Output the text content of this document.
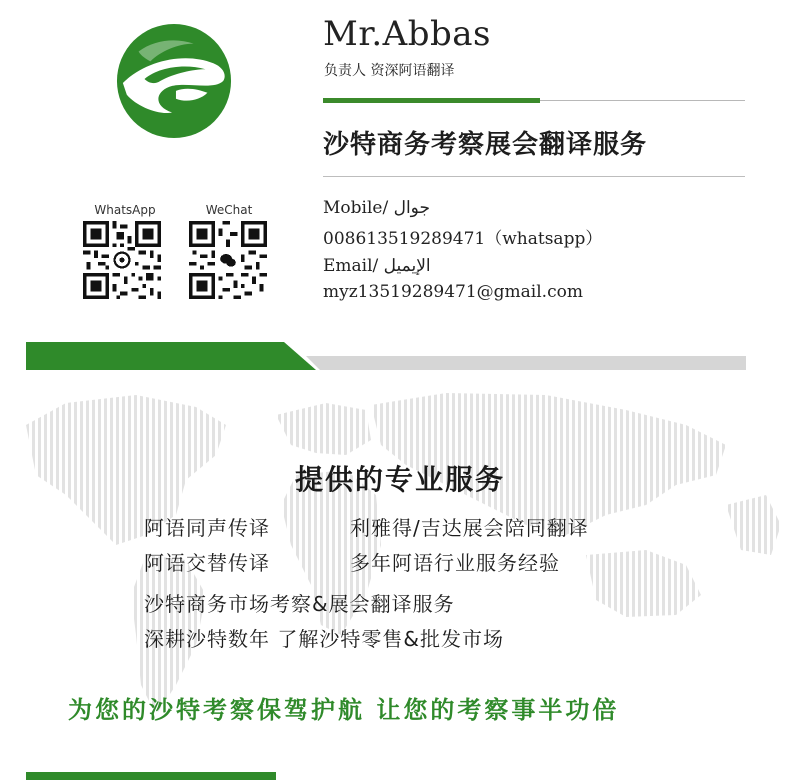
Mr.Abbas
负责人 资深阿语翻译
沙特商务考察展会翻译服务
WhatsApp	WeChat	Mobile/ جوال
008613519289471（whatsapp）
Email/ الإيميل
myz13519289471@gmail.com
提供的专业服务
阿语同声传译	利雅得/吉达展会陪同翻译
阿语交替传译	多年阿语行业服务经验
沙特商务市场考察&展会翻译服务
深耕沙特数年 了解沙特零售&批发市场
为您的沙特考察保驾护航 让您的考察事半功倍
